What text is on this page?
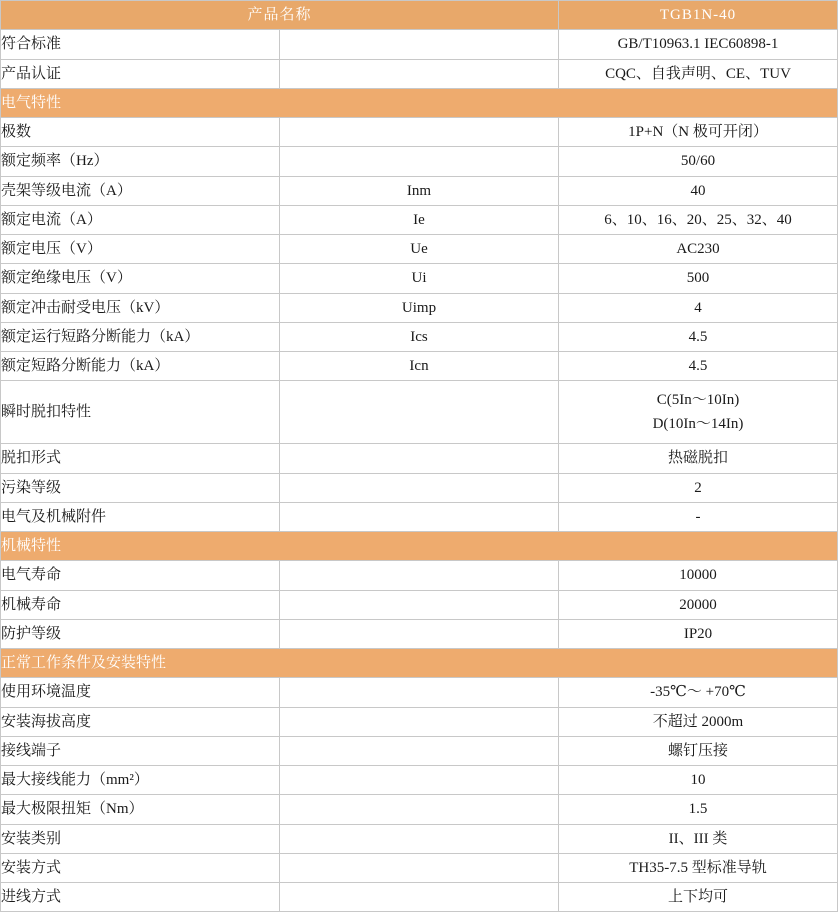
产品名称		TGB1N-40
符合标准		GB/T10963.1 IEC60898-1
产品认证		CQC、自我声明、CE、TUV
电气特性		
极数		1P+N（N 极可开闭）
额定频率（Hz）		50/60
壳架等级电流（A）	Inm	40
额定电流（A）	Ie	6、10、16、20、25、32、40
额定电压（V）	Ue	AC230
额定绝缘电压（V）	Ui	500
额定冲击耐受电压（kV）	Uimp	4
额定运行短路分断能力（kA）	Ics	4.5
额定短路分断能力（kA）	Icn	4.5
瞬时脱扣特性		C(5In～10In)
D(10In～14In)

脱扣形式		热磁脱扣
污染等级		2
电气及机械附件		-
机械特性		
电气寿命		10000
机械寿命		20000
防护等级		IP20
正常工作条件及安装特性		
使用环境温度		-35℃～ +70℃
安装海拔高度		不超过 2000m
接线端子		螺钉压接
最大接线能力（mm²）		10
最大极限扭矩（Nm）		1.5
安装类别		II、III 类
安装方式		TH35-7.5 型标准导轨
进线方式		上下均可
